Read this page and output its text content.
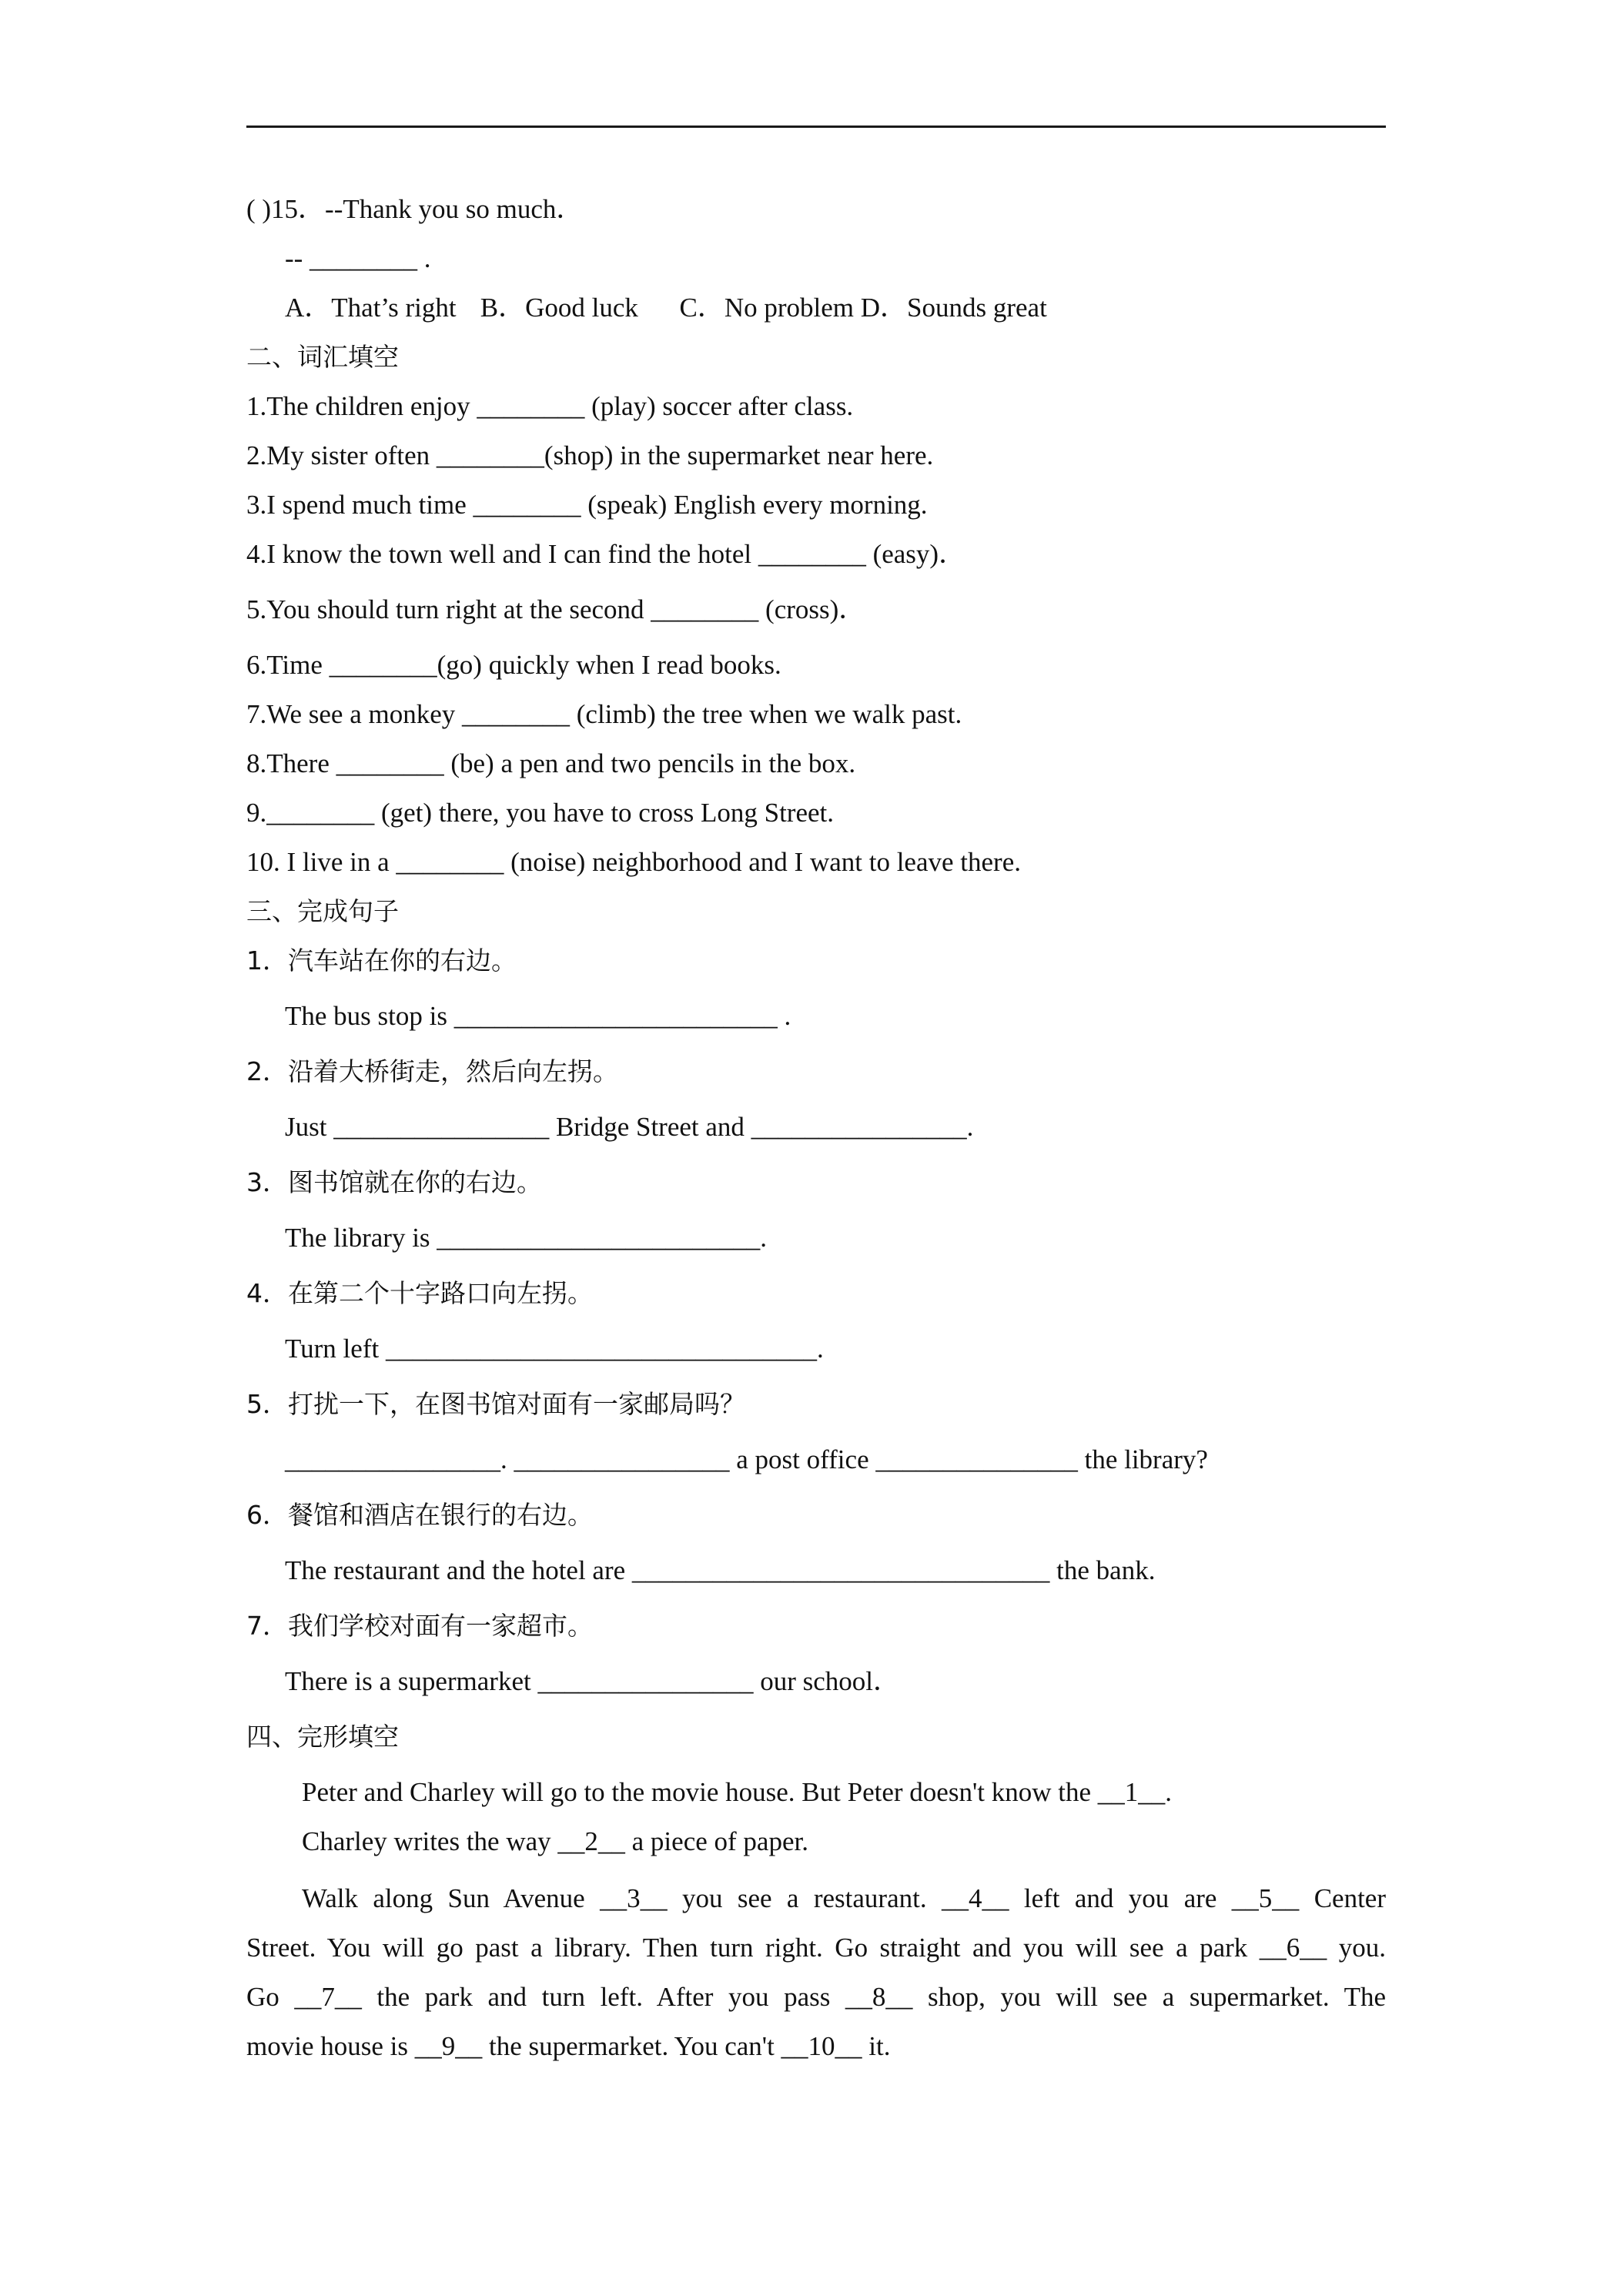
( )15．--Thank you so much．
-- ________ .
A．That’s right B．Good luck C．No problem D．Sounds great
二、词汇填空
1.The children enjoy ________ (play) soccer after class.
2.My sister often ________(shop) in the supermarket near here.
3.I spend much time ________ (speak) English every morning.
4.I know the town well and I can find the hotel ________ (easy)．
5.You should turn right at the second ________ (cross)．
6.Time ________(go) quickly when I read books.
7.We see a monkey ________ (climb) the tree when we walk past.
8.There ________ (be) a pen and two pencils in the box.
9.________ (get) there, you have to cross Long Street.
10. I live in a ________ (noise) neighborhood and I want to leave there.
三、完成句子
1．汽车站在你的右边。
The bus stop is ________________________ .
2．沿着大桥街走，然后向左拐。
Just ________________ Bridge Street and ________________.
3．图书馆就在你的右边。
The library is ________________________.
4．在第二个十字路口向左拐。
Turn left ________________________________.
5．打扰一下，在图书馆对面有一家邮局吗？
________________. ________________ a post office _______________ the library?
6．餐馆和酒店在银行的右边。
The restaurant and the hotel are _______________________________ the bank.
7．我们学校对面有一家超市。
There is a supermarket ________________ our school．
四、完形填空
Peter and Charley will go to the movie house. But Peter doesn't know the __1__.
Charley writes the way __2__ a piece of paper.
Walk along Sun Avenue __3__ you see a restaurant. __4__ left and you are __5__ Center
Street. You will go past a library. Then turn right. Go straight and you will see a park __6__ you.
Go __7__ the park and turn left. After you pass __8__ shop, you will see a supermarket. The
movie house is __9__ the supermarket. You can't __10__ it.
